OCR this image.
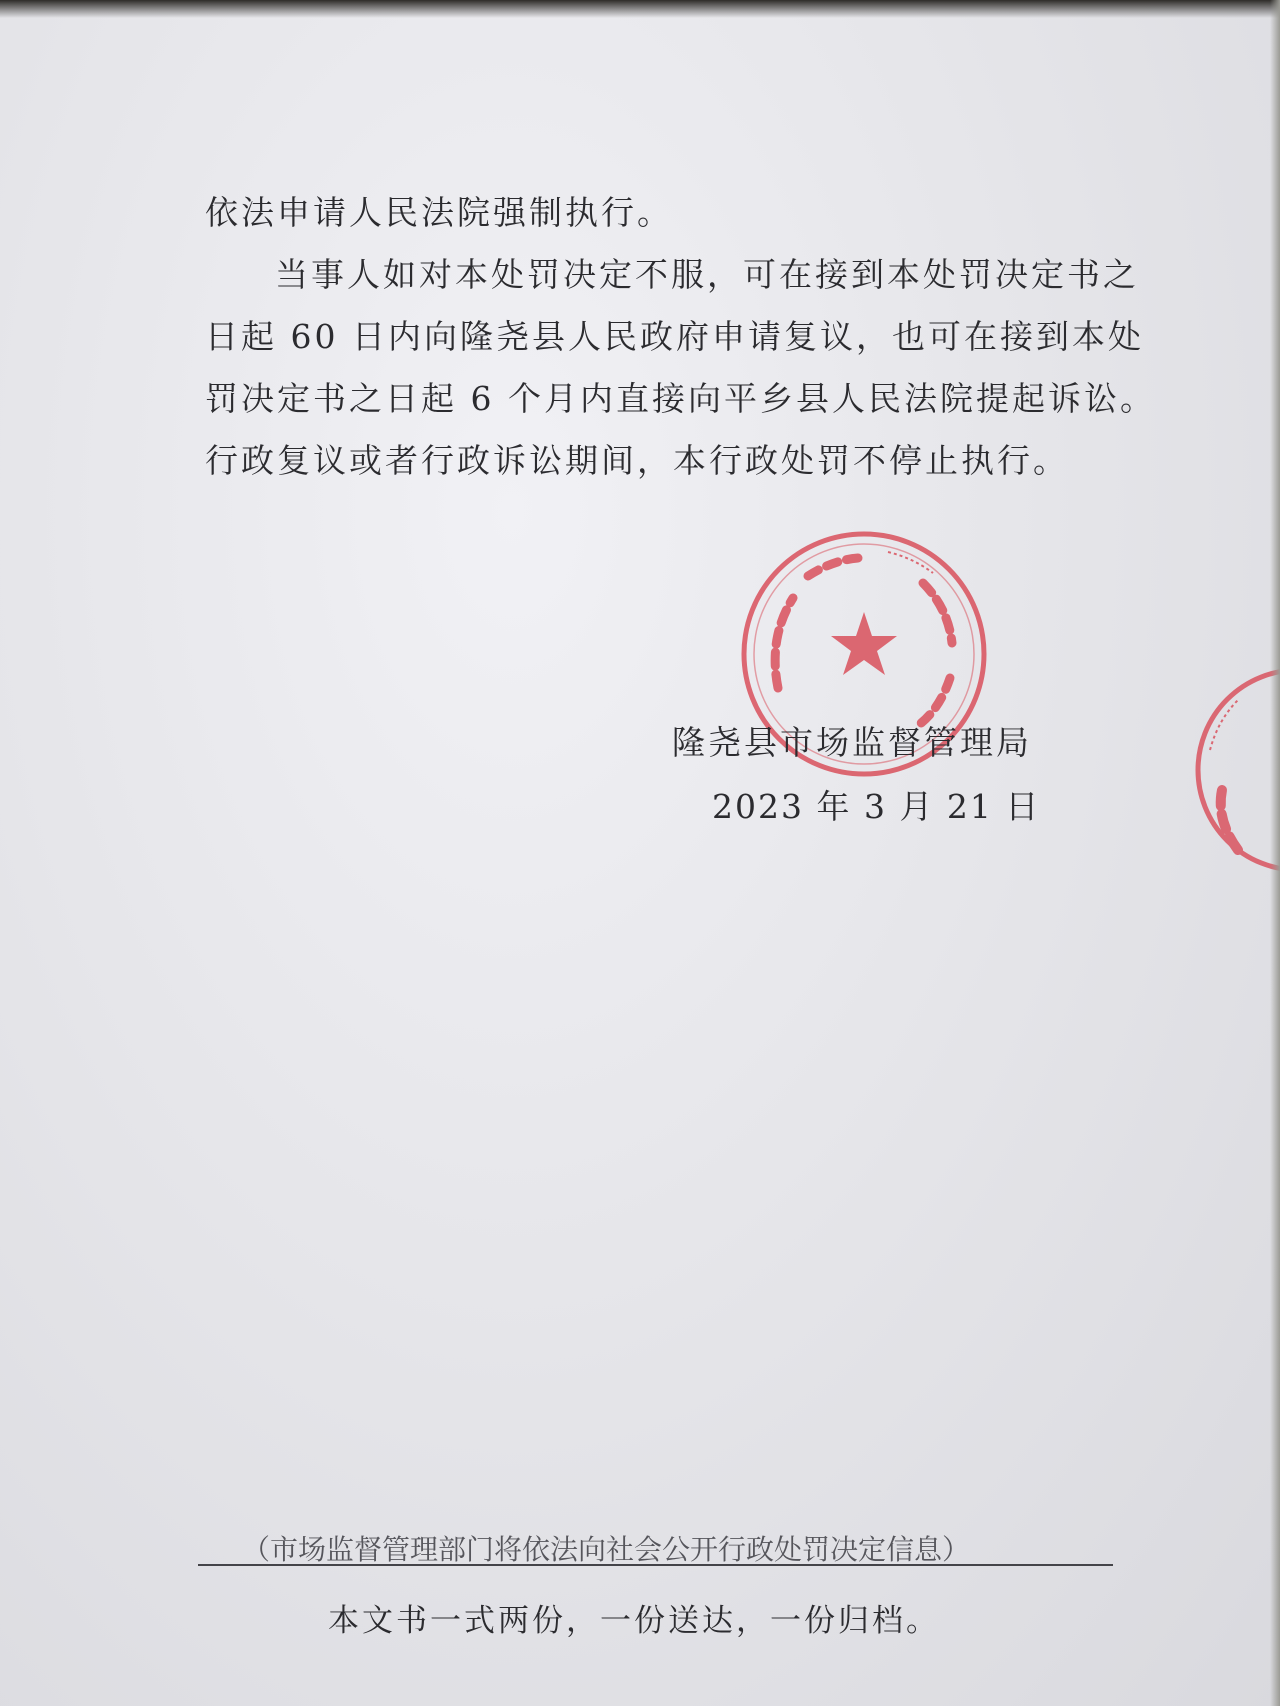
依法申请人民法院强制执行。
当事人如对本处罚决定不服，可在接到本处罚决定书之
日起 60 日内向隆尧县人民政府申请复议，也可在接到本处
罚决定书之日起 6 个月内直接向平乡县人民法院提起诉讼。
行政复议或者行政诉讼期间，本行政处罚不停止执行。
隆尧县市场监督管理局
2023 年 3 月 21 日
（市场监督管理部门将依法向社会公开行政处罚决定信息）
本文书一式两份，一份送达，一份归档。
